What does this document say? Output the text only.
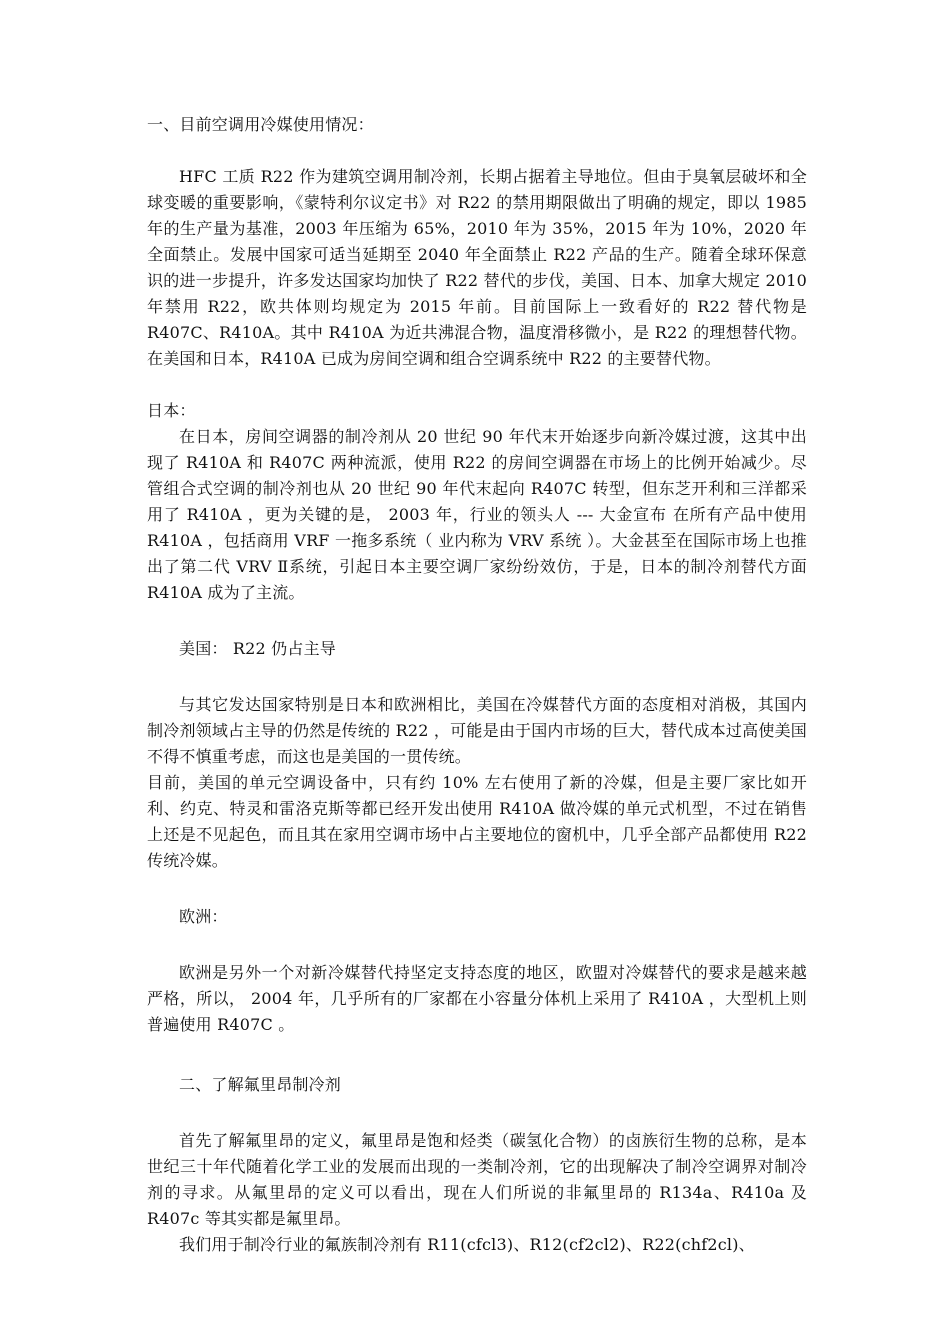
一、目前空调用冷媒使用情况：

HFC 工质 R22 作为建筑空调用制冷剂，长期占据着主导地位。但由于臭氧层破坏和全球变暖的重要影响，《蒙特利尔议定书》对 R22 的禁用期限做出了明确的规定，即以 1985 年的生产量为基准，2003 年压缩为 65%，2010 年为 35%，2015 年为 10%，2020 年全面禁止。发展中国家可适当延期至 2040 年全面禁止 R22 产品的生产。随着全球环保意识的进一步提升，许多发达国家均加快了 R22 替代的步伐，美国、日本、加拿大规定 2010 年禁用 R22，欧共体则均规定为 2015 年前。目前国际上一致看好的 R22 替代物是 R407C、R410A。其中 R410A 为近共沸混合物，温度滑移微小，是 R22 的理想替代物。在美国和日本，R410A 已成为房间空调和组合空调系统中 R22 的主要替代物。

日本：

在日本，房间空调器的制冷剂从 20 世纪 90 年代末开始逐步向新冷媒过渡，这其中出现了 R410A 和 R407C 两种流派，使用 R22 的房间空调器在市场上的比例开始减少。尽管组合式空调的制冷剂也从 20 世纪 90 年代末起向 R407C 转型，但东芝开利和三洋都采用了 R410A ，更为关键的是， 2003 年，行业的领头人 --- 大金宣布 在所有产品中使用 R410A ，包括商用 VRF 一拖多系统（ 业内称为 VRV 系统 ）。大金甚至在国际市场上也推出了第二代 VRV Ⅱ系统，引起日本主要空调厂家纷纷效仿，于是，日本的制冷剂替代方面 R410A 成为了主流。

美国： R22 仍占主导

与其它发达国家特别是日本和欧洲相比，美国在冷媒替代方面的态度相对消极，其国内制冷剂领域占主导的仍然是传统的 R22 ，可能是由于国内市场的巨大，替代成本过高使美国不得不慎重考虑，而这也是美国的一贯传统。

目前，美国的单元空调设备中，只有约 10% 左右使用了新的冷媒，但是主要厂家比如开利、约克、特灵和雷洛克斯等都已经开发出使用 R410A 做冷媒的单元式机型，不过在销售上还是不见起色，而且其在家用空调市场中占主要地位的窗机中，几乎全部产品都使用 R22 传统冷媒。

欧洲：

欧洲是另外一个对新冷媒替代持坚定支持态度的地区，欧盟对冷媒替代的要求是越来越严格，所以， 2004 年，几乎所有的厂家都在小容量分体机上采用了 R410A ，大型机上则普遍使用 R407C 。

二、了解氟里昂制冷剂

首先了解氟里昂的定义，氟里昂是饱和烃类（碳氢化合物）的卤族衍生物的总称，是本世纪三十年代随着化学工业的发展而出现的一类制冷剂，它的出现解决了制冷空调界对制冷剂的寻求。从氟里昂的定义可以看出，现在人们所说的非氟里昂的 R134a、R410a 及 R407c 等其实都是氟里昂。

我们用于制冷行业的氟族制冷剂有 R11(cfcl3)、R12(cf2cl2)、R22(chf2cl)、
